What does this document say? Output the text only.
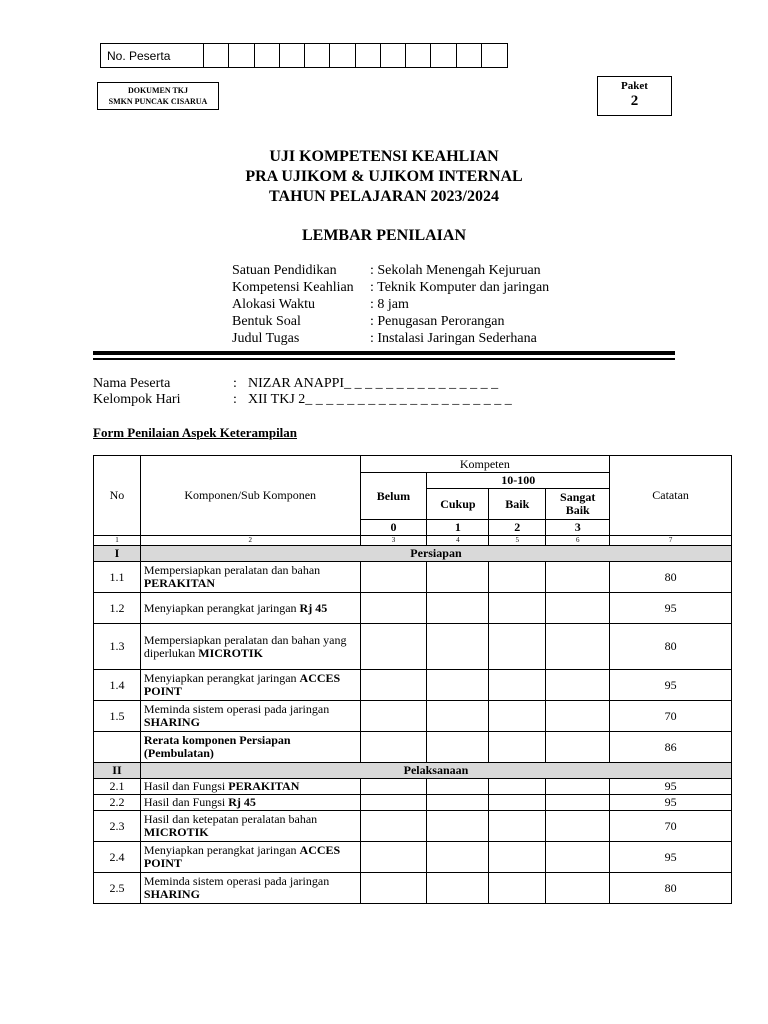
No. Peserta
DOKUMEN TKJ
SMKN PUNCAK CISARUA
Paket
2
UJI KOMPETENSI KEAHLIAN
PRA UJIKOM & UJIKOM INTERNAL
TAHUN PELAJARAN 2023/2024
LEMBAR PENILAIAN
Satuan Pendidikan	: Sekolah Menengah Kejuruan
Kompetensi Keahlian	: Teknik Komputer dan jaringan
Alokasi Waktu	: 8 jam
Bentuk Soal	: Penugasan Perorangan
Judul Tugas	: Instalasi Jaringan Sederhana
Nama Peserta	: NIZAR ANAPPI_ _ _ _ _ _ _ _ _ _ _ _ _ _ _
Kelompok Hari	: XII TKJ 2_ _ _ _ _ _ _ _ _ _ _ _ _ _ _ _ _ _ _ _
Form Penilaian Aspek Keterampilan
No	Komponen/Sub Komponen	Kompeten				Catatan
		Belum	10-100			
			Cukup	Baik	Sangat Baik	
		0	1	2	3	
1	2	3	4	5	6	7
I	Persiapan					
1.1	Mempersiapkan peralatan dan bahan PERAKITAN					80
1.2	Menyiapkan perangkat jaringan Rj 45					95
1.3	Mempersiapkan peralatan dan bahan yang diperlukan MICROTIK					80
1.4	Menyiapkan perangkat jaringan ACCES POINT					95
1.5	Meminda sistem operasi pada jaringan SHARING					70
	Rerata komponen Persiapan (Pembulatan)					86
II	Pelaksanaan					
2.1	Hasil dan Fungsi PERAKITAN					95
2.2	Hasil dan Fungsi Rj 45					95
2.3	Hasil dan ketepatan peralatan bahan MICROTIK					70
2.4	Menyiapkan perangkat jaringan ACCES POINT					95
2.5	Meminda sistem operasi pada jaringan SHARING					80
